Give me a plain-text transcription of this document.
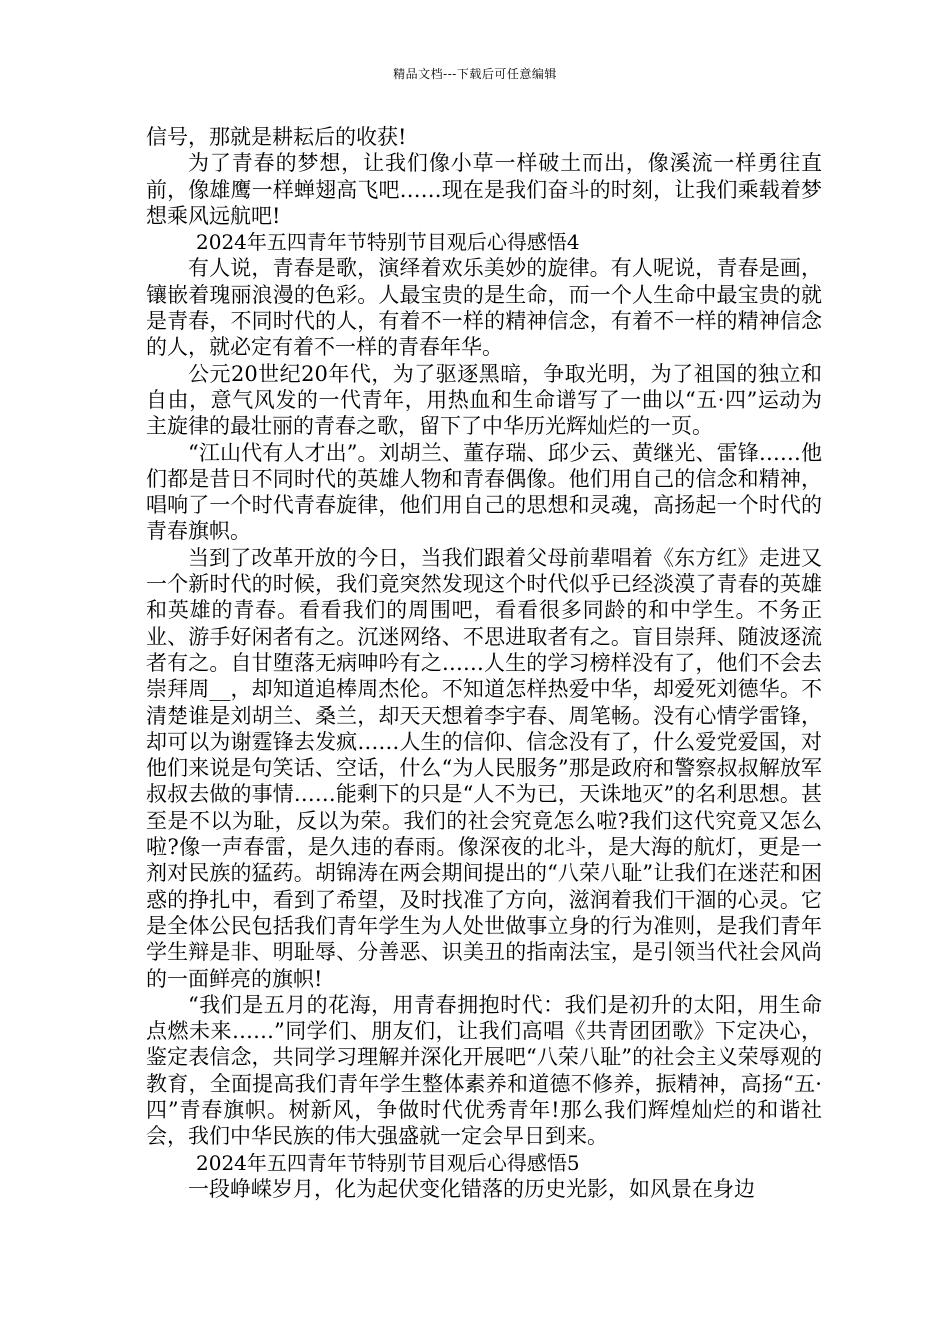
精品文档---下载后可任意编辑

信号，那就是耕耘后的收获!

为了青春的梦想，让我们像小草一样破土而出，像溪流一样勇往直前，像雄鹰一样蝉翅高飞吧……现在是我们奋斗的时刻，让我们乘载着梦想乘风远航吧!

2024年五四青年节特别节目观后心得感悟4

有人说，青春是歌，演绎着欢乐美妙的旋律。有人呢说，青春是画，镶嵌着瑰丽浪漫的色彩。人最宝贵的是生命，而一个人生命中最宝贵的就是青春，不同时代的人，有着不一样的精神信念，有着不一样的精神信念的人，就必定有着不一样的青春年华。

公元20世纪20年代，为了驱逐黑暗，争取光明，为了祖国的独立和自由，意气风发的一代青年，用热血和生命谱写了一曲以“五·四”运动为主旋律的最壮丽的青春之歌，留下了中华历光辉灿烂的一页。

“江山代有人才出”。刘胡兰、董存瑞、邱少云、黄继光、雷锋……他们都是昔日不同时代的英雄人物和青春偶像。他们用自己的信念和精神，唱响了一个时代青春旋律，他们用自己的思想和灵魂，高扬起一个时代的青春旗帜。

当到了改革开放的今日，当我们跟着父母前辈唱着《东方红》走进又一个新时代的时候，我们竟突然发现这个时代似乎已经淡漠了青春的英雄和英雄的青春。看看我们的周围吧，看看很多同龄的和中学生。不务正业、游手好闲者有之。沉迷网络、不思进取者有之。盲目崇拜、随波逐流者有之。自甘堕落无病呻吟有之……人生的学习榜样没有了，他们不会去崇拜周__，却知道追棒周杰伦。不知道怎样热爱中华，却爱死刘德华。不清楚谁是刘胡兰、桑兰，却天天想着李宇春、周笔畅。没有心情学雷锋，却可以为谢霆锋去发疯……人生的信仰、信念没有了，什么爱党爱国，对他们来说是句笑话、空话，什么“为人民服务”那是政府和警察叔叔解放军叔叔去做的事情……能剩下的只是“人不为已，天诛地灭”的名利思想。甚至是不以为耻，反以为荣。我们的社会究竟怎么啦?我们这代究竟又怎么啦?像一声春雷，是久违的春雨。像深夜的北斗，是大海的航灯，更是一剂对民族的猛药。胡锦涛在两会期间提出的“八荣八耻”让我们在迷茫和困惑的挣扎中，看到了希望，及时找准了方向，滋润着我们干涸的心灵。它是全体公民包括我们青年学生为人处世做事立身的行为准则，是我们青年学生辩是非、明耻辱、分善恶、识美丑的指南法宝，是引领当代社会风尚的一面鲜亮的旗帜!

“我们是五月的花海，用青春拥抱时代：我们是初升的太阳，用生命点燃未来……”同学们、朋友们，让我们高唱《共青团团歌》下定决心，鉴定表信念，共同学习理解并深化开展吧“八荣八耻”的社会主义荣辱观的教育，全面提高我们青年学生整体素养和道德不修养，振精神，高扬“五·四”青春旗帜。树新风，争做时代优秀青年!那么我们辉煌灿烂的和谐社会，我们中华民族的伟大强盛就一定会早日到来。

2024年五四青年节特别节目观后心得感悟5

一段峥嵘岁月，化为起伏变化错落的历史光影，如风景在身边
